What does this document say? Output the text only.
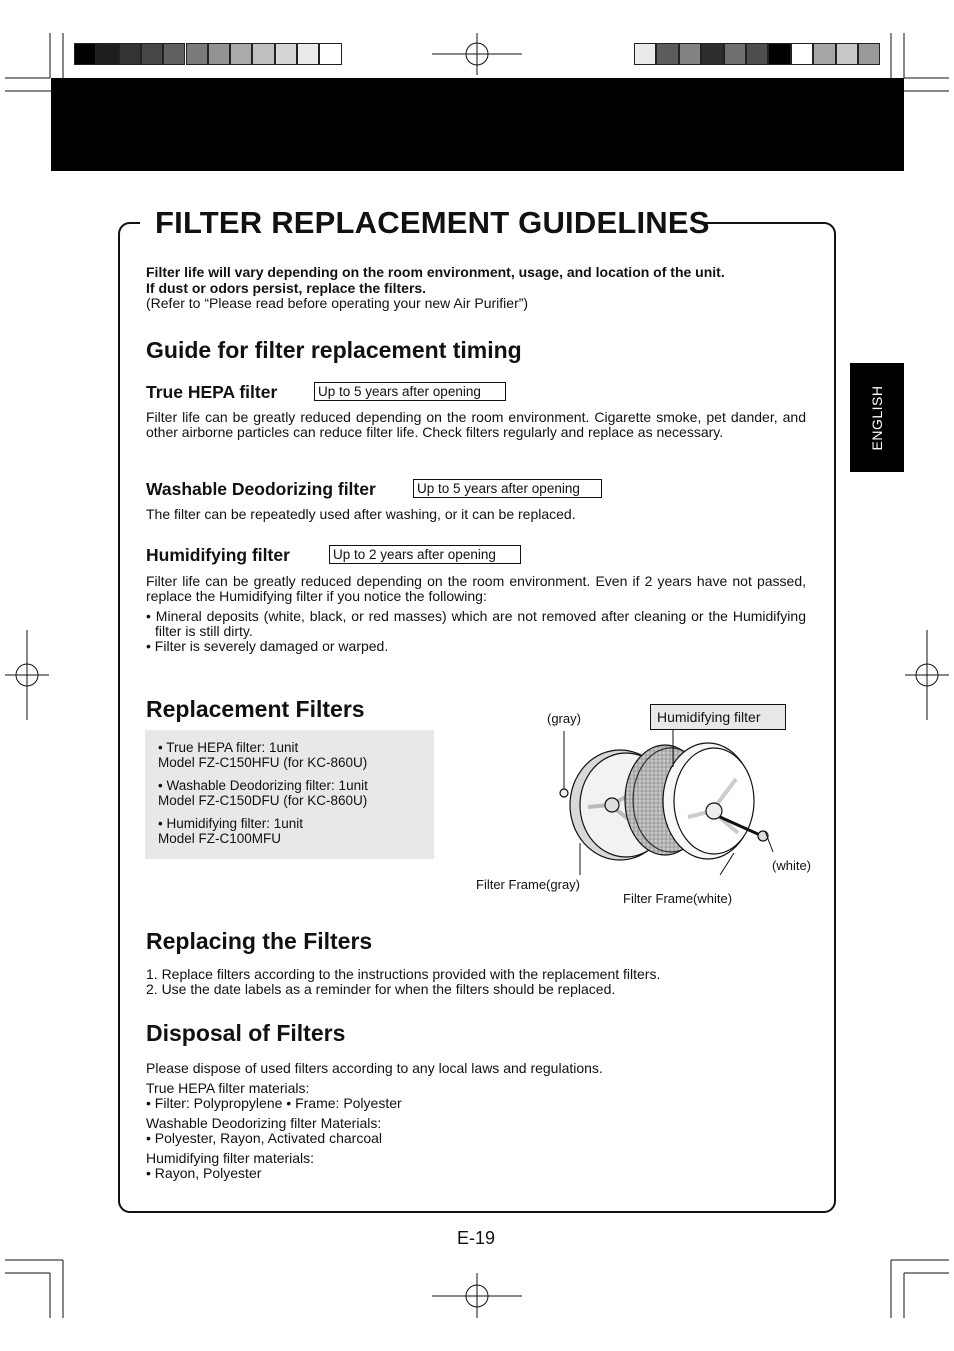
ENGLISH
FILTER REPLACEMENT GUIDELINES
Filter life will vary depending on the room environment, usage, and location of the unit.
If dust or odors persist, replace the filters.
(Refer to “Please read before operating your new Air Purifier”)
Guide for filter replacement timing
True HEPA filter	Up to 5 years after opening
Filter life can be greatly reduced depending on the room environment. Cigarette smoke, pet dander, and other airborne particles can reduce filter life. Check filters regularly and replace as necessary.
Washable Deodorizing filter	Up to 5 years after opening
The filter can be repeatedly used after washing, or it can be replaced.
Humidifying filter	Up to 2 years after opening
Filter life can be greatly reduced depending on the room environment. Even if 2 years have not passed, replace the Humidifying filter if you notice the following:
• Mineral deposits (white, black, or red masses) which are not removed after cleaning or the Humidifying filter is still dirty.
• Filter is severely damaged or warped.
Replacement Filters
• True HEPA filter: 1unit
Model FZ-C150HFU (for KC-860U)
• Washable Deodorizing filter: 1unit
Model FZ-C150DFU (for KC-860U)
• Humidifying filter: 1unit
Model FZ-C100MFU
(gray)	Humidifying filter
(white)
Filter Frame(gray)
Filter Frame(white)
Replacing the Filters
1. Replace filters according to the instructions provided with the replacement filters.
2. Use the date labels as a reminder for when the filters should be replaced.
Disposal of Filters
Please dispose of used filters according to any local laws and regulations.
True HEPA filter materials:
• Filter: Polypropylene • Frame: Polyester
Washable Deodorizing filter Materials:
• Polyester, Rayon, Activated charcoal
Humidifying filter materials:
• Rayon, Polyester
E-19
